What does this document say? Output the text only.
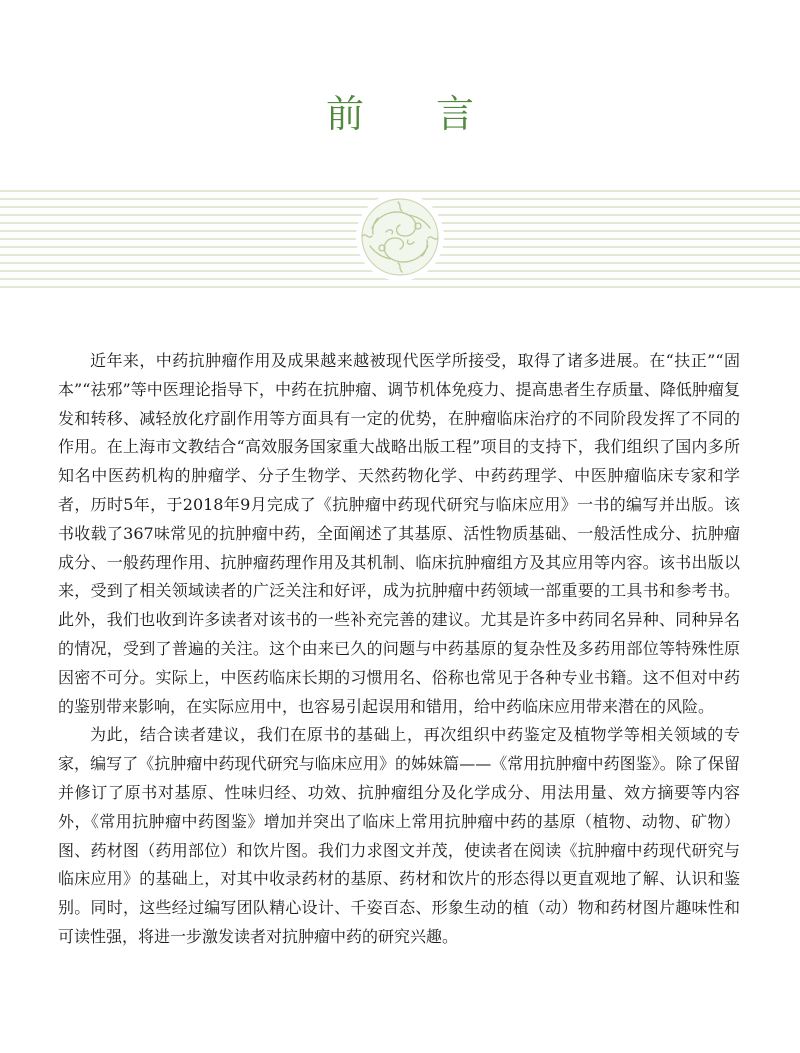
前 言

近年来，中药抗肿瘤作用及成果越来越被现代医学所接受，取得了诸多进展。在“扶正”“固本”“祛邪”等中医理论指导下，中药在抗肿瘤、调节机体免疫力、提高患者生存质量、降低肿瘤复发和转移、减轻放化疗副作用等方面具有一定的优势，在肿瘤临床治疗的不同阶段发挥了不同的作用。在上海市文教结合“高效服务国家重大战略出版工程”项目的支持下，我们组织了国内多所知名中医药机构的肿瘤学、分子生物学、天然药物化学、中药药理学、中医肿瘤临床专家和学者，历时5年，于2018年9月完成了《抗肿瘤中药现代研究与临床应用》一书的编写并出版。该书收载了367味常见的抗肿瘤中药，全面阐述了其基原、活性物质基础、一般活性成分、抗肿瘤成分、一般药理作用、抗肿瘤药理作用及其机制、临床抗肿瘤组方及其应用等内容。该书出版以来，受到了相关领域读者的广泛关注和好评，成为抗肿瘤中药领域一部重要的工具书和参考书。此外，我们也收到许多读者对该书的一些补充完善的建议。尤其是许多中药同名异种、同种异名的情况，受到了普遍的关注。这个由来已久的问题与中药基原的复杂性及多药用部位等特殊性原因密不可分。实际上，中医药临床长期的习惯用名、俗称也常见于各种专业书籍。这不但对中药的鉴别带来影响，在实际应用中，也容易引起误用和错用，给中药临床应用带来潜在的风险。

为此，结合读者建议，我们在原书的基础上，再次组织中药鉴定及植物学等相关领域的专家，编写了《抗肿瘤中药现代研究与临床应用》的姊妹篇——《常用抗肿瘤中药图鉴》。除了保留并修订了原书对基原、性味归经、功效、抗肿瘤组分及化学成分、用法用量、效方摘要等内容外，《常用抗肿瘤中药图鉴》增加并突出了临床上常用抗肿瘤中药的基原（植物、动物、矿物）图、药材图（药用部位）和饮片图。我们力求图文并茂，使读者在阅读《抗肿瘤中药现代研究与临床应用》的基础上，对其中收录药材的基原、药材和饮片的形态得以更直观地了解、认识和鉴别。同时，这些经过编写团队精心设计、千姿百态、形象生动的植（动）物和药材图片趣味性和可读性强，将进一步激发读者对抗肿瘤中药的研究兴趣。
